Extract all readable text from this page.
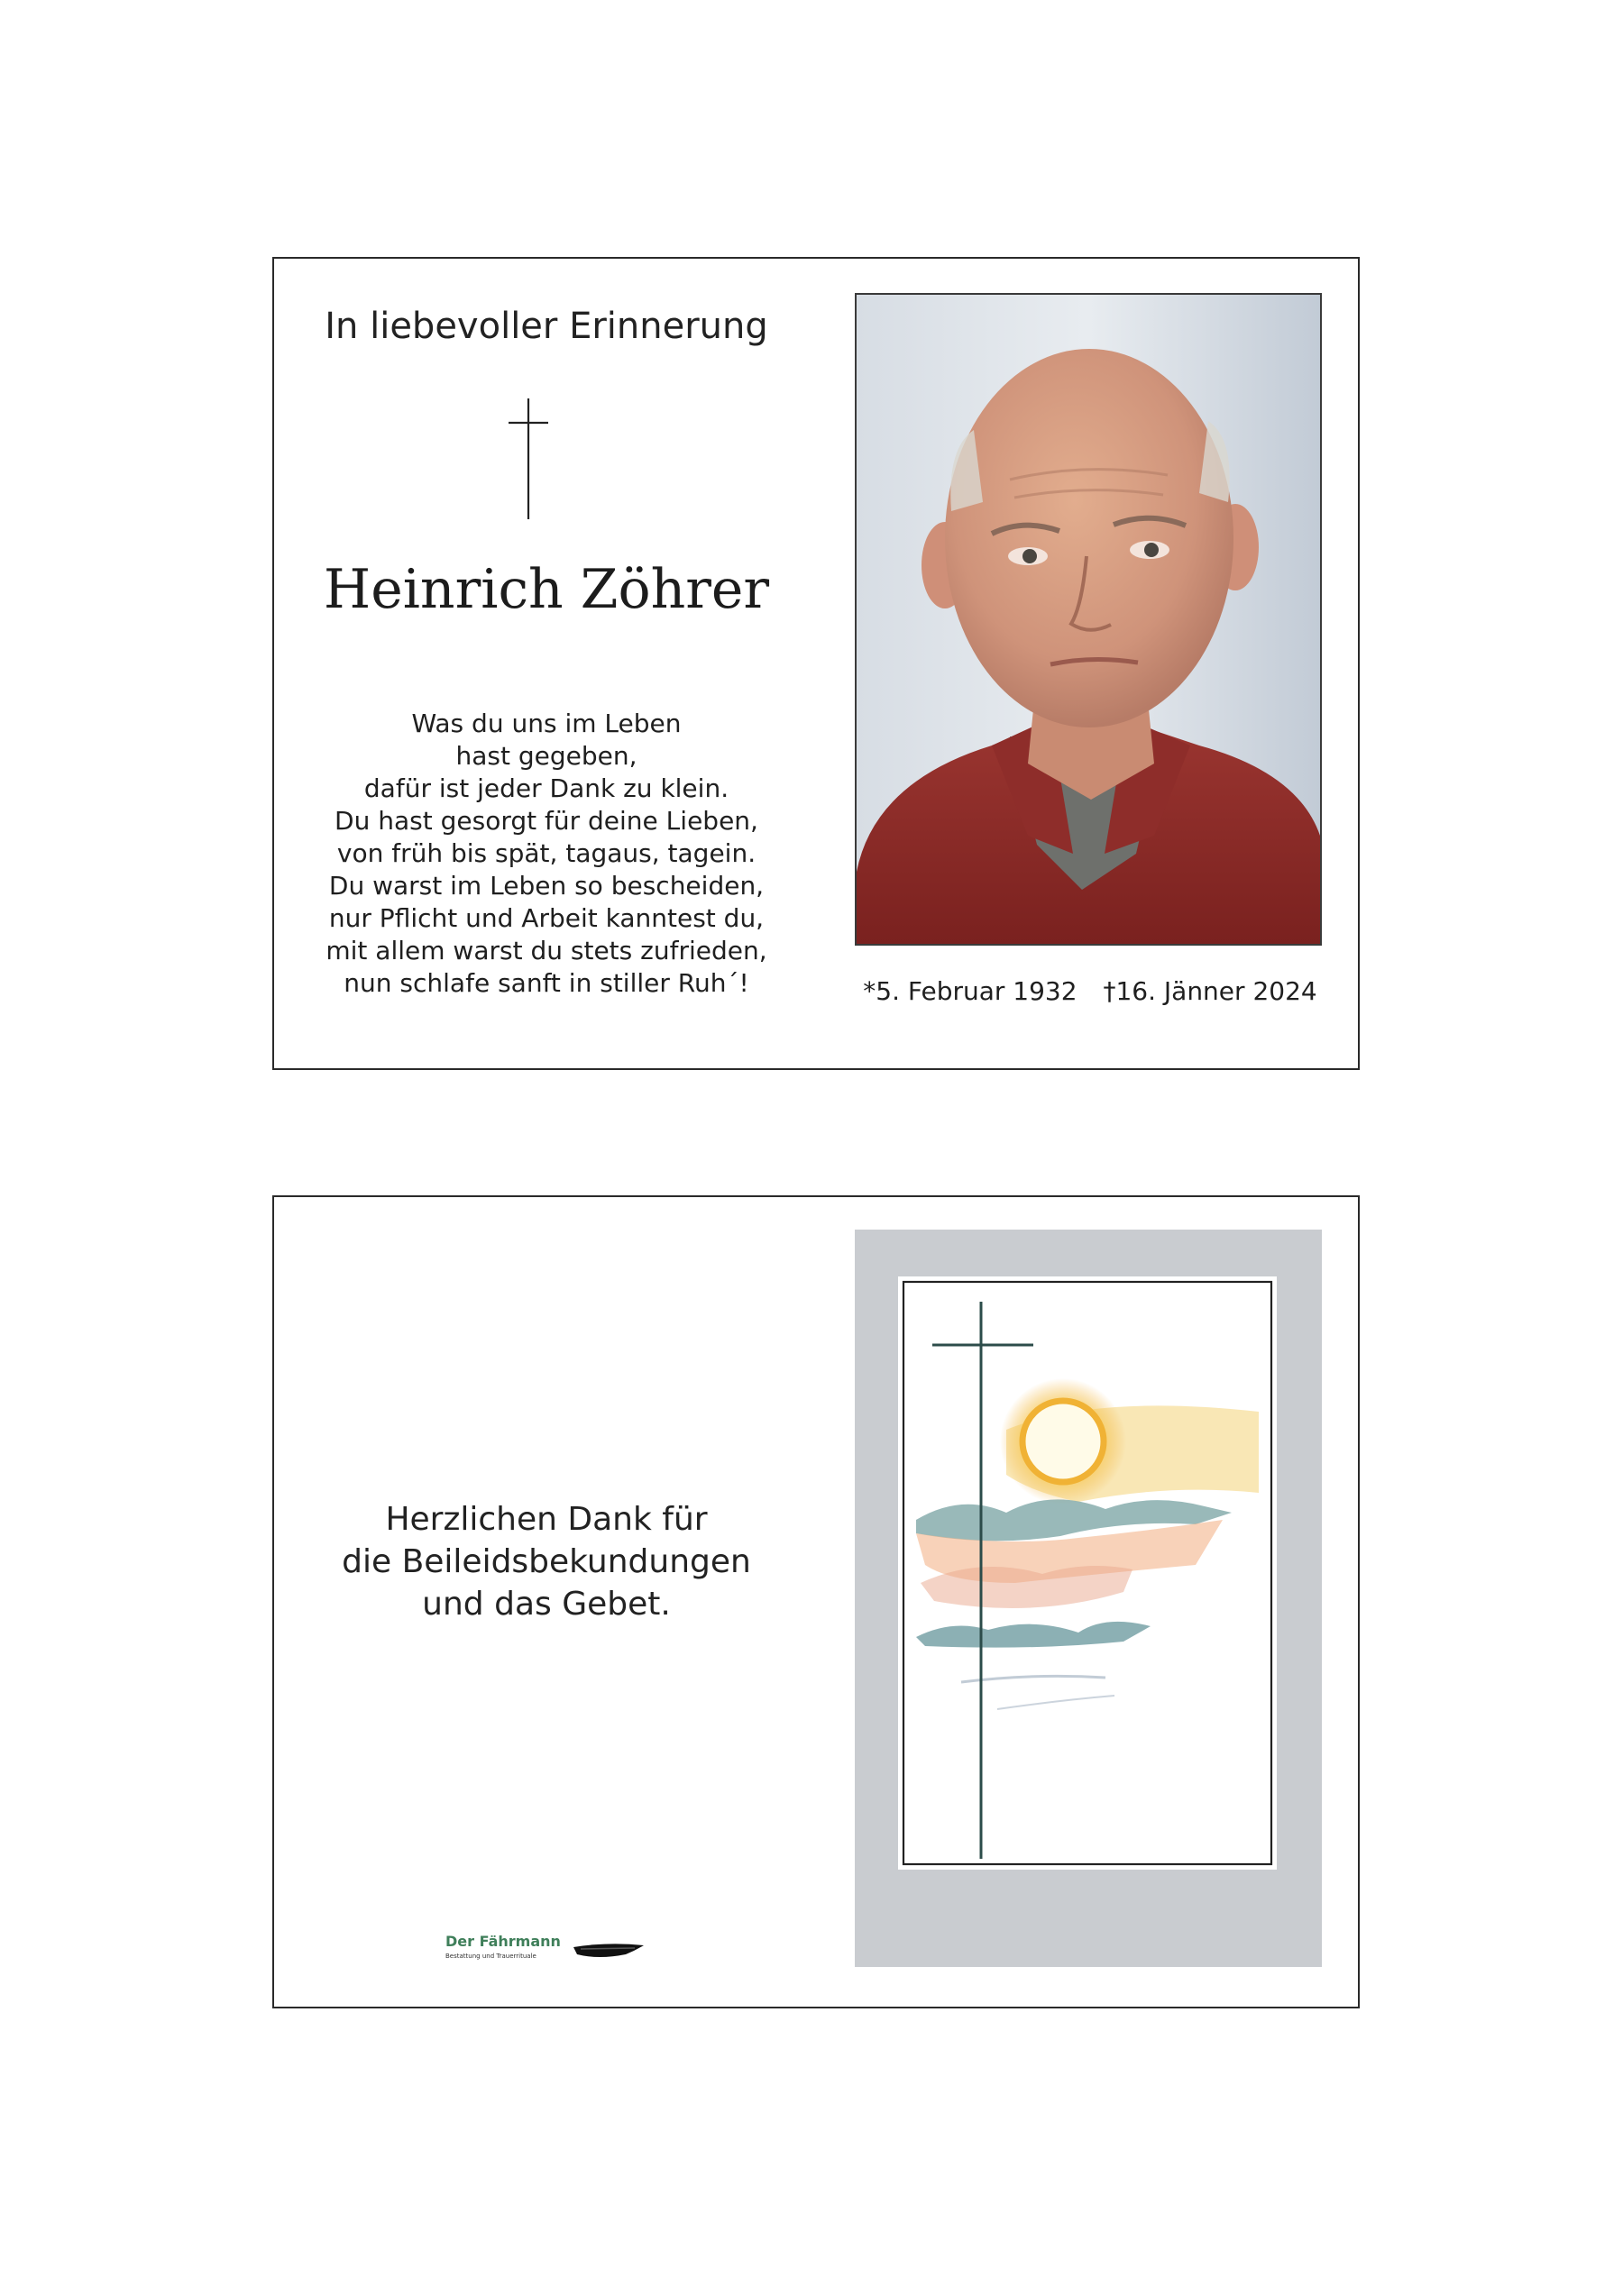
In liebevoller Erinnerung
Heinrich Zöhrer
Was du uns im Leben
hast gegeben,
dafür ist jeder Dank zu klein.
Du hast gesorgt für deine Lieben,
von früh bis spät, tagaus, tagein.
Du warst im Leben so bescheiden,
nur Pflicht und Arbeit kanntest du,
mit allem warst du stets zufrieden,
nun schlafe sanft in stiller Ruh´!	*5. Februar 1932 †16. Jänner 2024
Herzlichen Dank für
die Beileidsbekundungen
und das Gebet.
Der Fährmann
Bestattung und Trauerrituale
